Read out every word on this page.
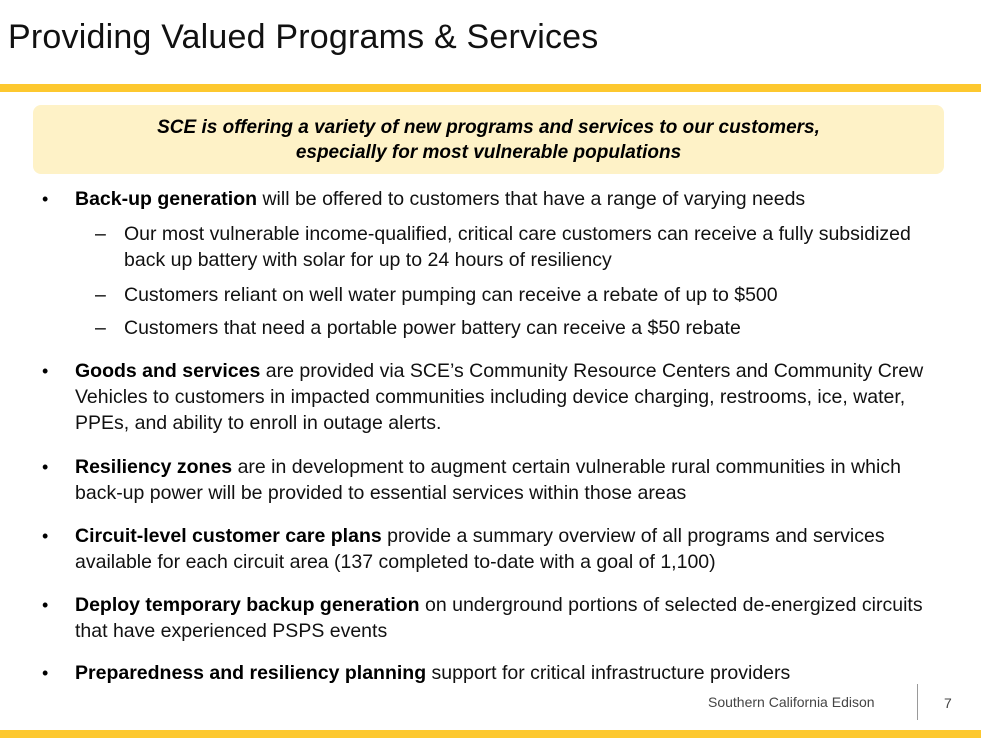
Providing Valued Programs & Services
SCE is offering a variety of new programs and services to our customers,
especially for most vulnerable populations
• Back-up generation will be offered to customers that have a range of varying needs
– Our most vulnerable income-qualified, critical care customers can receive a fully subsidized back up battery with solar for up to 24 hours of resiliency
– Customers reliant on well water pumping can receive a rebate of up to $500
– Customers that need a portable power battery can receive a $50 rebate
• Goods and services are provided via SCE’s Community Resource Centers and Community Crew Vehicles to customers in impacted communities including device charging, restrooms, ice, water, PPEs, and ability to enroll in outage alerts.
• Resiliency zones are in development to augment certain vulnerable rural communities in which back-up power will be provided to essential services within those areas
• Circuit-level customer care plans provide a summary overview of all programs and services available for each circuit area (137 completed to-date with a goal of 1,100)
• Deploy temporary backup generation on underground portions of selected de-energized circuits that have experienced PSPS events
• Preparedness and resiliency planning support for critical infrastructure providers
Southern California Edison	7
